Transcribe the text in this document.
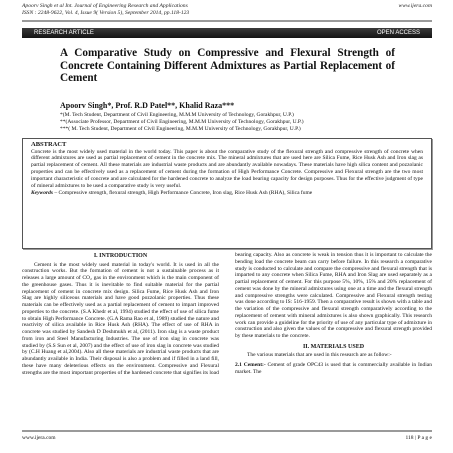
Apoorv Singh et al Int. Journal of Engineering Research and Applications
ISSN : 2248-9622, Vol. 4, Issue 9( Version 5), September 2014, pp.118-123
www.ijera.com
RESEARCH ARTICLE	OPEN ACCESS
A Comparative Study on Compressive and Flexural Strength of Concrete Containing Different Admixtures as Partial Replacement of Cement
Apoorv Singh*, Prof. R.D Patel**, Khalid Raza***
*(M. Tech Student, Department of Civil Engineering, M.M.M University of Technology, Gorakhpur, U.P.)
**(Associate Professor, Department of Civil Engineering, M.M.M University of Technology, Gorakhpur, U.P.)
***( M. Tech Student, Department of Civil Engineering, M.M.M University of Technology, Gorakhpur, U.P.)
ABSTRACT
Concrete is the most widely used material in the world today. This paper is about the comparative study of the flexural strength and compressive strength of concrete when different admixtures are used as partial replacement of cement in the concrete mix. The mineral admixtures that are used here are Silica Fume, Rice Husk Ash and Iron slag as partial replacement of cement. All these materials are industrial waste products and are abundantly available nowadays. These materials have high silica content and pozzolanic properties and can be effectively used as a replacement of cement during the formation of High Performance Concrete. Compressive and Flexural strength are the two most important characteristic of concrete and are calculated for the hardened concrete to analyze the load bearing capacity for design purposes. Thus for the effective judgment of type of mineral admixtures to be used a comparative study is very useful.
Keywords – Compressive strength, flexural strength, High Performance Concrete, Iron slag, Rice Husk Ash (RHA), Silica fume
I. INTRODUCTION
Cement is the most widely used material in today's world. It is used in all the construction works. But the formation of cement is not a sustainable process as it releases a large amount of CO₂ gas in the environment which is the main component of the greenhouse gases. Thus it is inevitable to find suitable material for the partial replacement of cement in concrete mix design. Silica Fume, Rice Husk Ash and Iron Slag are highly siliceous materials and have good pozzolanic properties. Thus these materials can be effectively used as a partial replacement of cement to impart improved properties to the concrete. (S.A Khedr et al, 1994) studied the effect of use of silica fume to obtain High Performance Concrete. (G.A Rama Rao et al, 1989) studied the nature and reactivity of silica available in Rice Husk Ash (RHA). The effect of use of RHA in concrete was studied by Sandesh D Deshmukh et al, (2011). Iron slag is a waste product from iron and Steel Manufacturing Industries. The use of iron slag in concrete was studied by (S.S Sun et al, 2007) and the effect of use of iron slag in concrete was studied by (C.H Huang et al,2004). Also all these materials are industrial waste products that are abundantly available in India. Their disposal is also a problem and if filled in a land fill, these have many deleterious effects on the environment. Compressive and Flexural strengths are the most important properties of the hardened concrete that signifies its load
bearing capacity. Also as concrete is weak in tension thus it is important to calculate the bending load the concrete beam can carry before failure. In this research a comparative study is conducted to calculate and compare the compressive and flexural strength that is imparted to any concrete when Silica Fume, RHA and Iron Slag are used separately as a partial replacement of cement. For this purpose 5%, 10%, 15% and 20% replacement of cement was done by the mineral admixtures using one at a time and the flexural strength and compressive strengths were calculated. Compressive and Flexural strength testing was done according to IS: 516-1959. Then a comparative result is shown with a table and the variation of the compressive and flexural strength comparatively according to the replacement of cement with mineral admixtures is also shown graphically. This research work can provide a guideline for the priority of use of any particular type of admixture in construction and also given the values of the compressive and flexural strength provided by these materials to the concrete.
II. MATERIALS USED
The various materials that are used in this research are as follow:-
2.1 Cement:- Cement of grade OPC43 is used that is commercially available in Indian market. The
www.ijera.com	118 | P a g e
